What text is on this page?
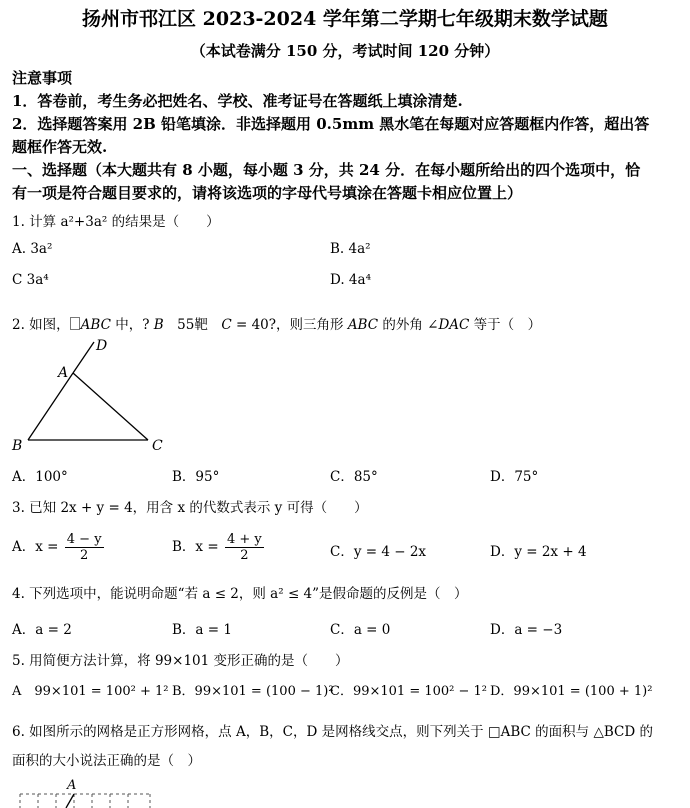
扬州市邗江区 2023-2024 学年第二学期七年级期末数学试题
（本试卷满分 150 分，考试时间 120 分钟）
注意事项
1．答卷前，考生务必把姓名、学校、准考证号在答题纸上填涂清楚.
2．选择题答案用 2B 铅笔填涂．非选择题用 0.5mm 黑水笔在每题对应答题框内作答，超出答
题框作答无效.
一、选择题（本大题共有 8 小题，每小题 3 分，共 24 分．在每小题所给出的四个选项中，恰
有一项是符合题目要求的，请将该选项的字母代号填涂在答题卡相应位置上）
1. 计算 a²+3a² 的结果是（　　）
A. 3a²	B. 4a²
C 3a⁴	D. 4a⁴
2. 如图， ABC 中，? B　55靶　C = 40?，则三角形 ABC 的外角 ∠DAC 等于（　）
D
A
B	C
A．100°	B．95°	C．85°	D．75°
3. 已知 2x + y = 4，用含 x 的代数式表示 y 可得（　　）
A．$x = \frac{4 - y}{2}$	B．$x = \frac{4 + y}{2}$	C．y = 4 − 2x	D．y = 2x + 4
4. 下列选项中，能说明命题“若 a ≤ 2，则 a² ≤ 4”是假命题的反例是（　）
A．a = 2	B．a = 1	C．a = 0	D．a = −3
5. 用简便方法计算，将 99×101 变形正确的是（　　）
A　99×101 = 100² + 1² B．99×101 = (100 − 1)²
C．99×101 = 100² − 1² D．99×101 = (100 + 1)²
6. 如图所示的网格是正方形网格，点 A，B，C，D 是网格线交点，则下列关于 □ABC 的面积与 △BCD 的
面积的大小说法正确的是（　）
A
